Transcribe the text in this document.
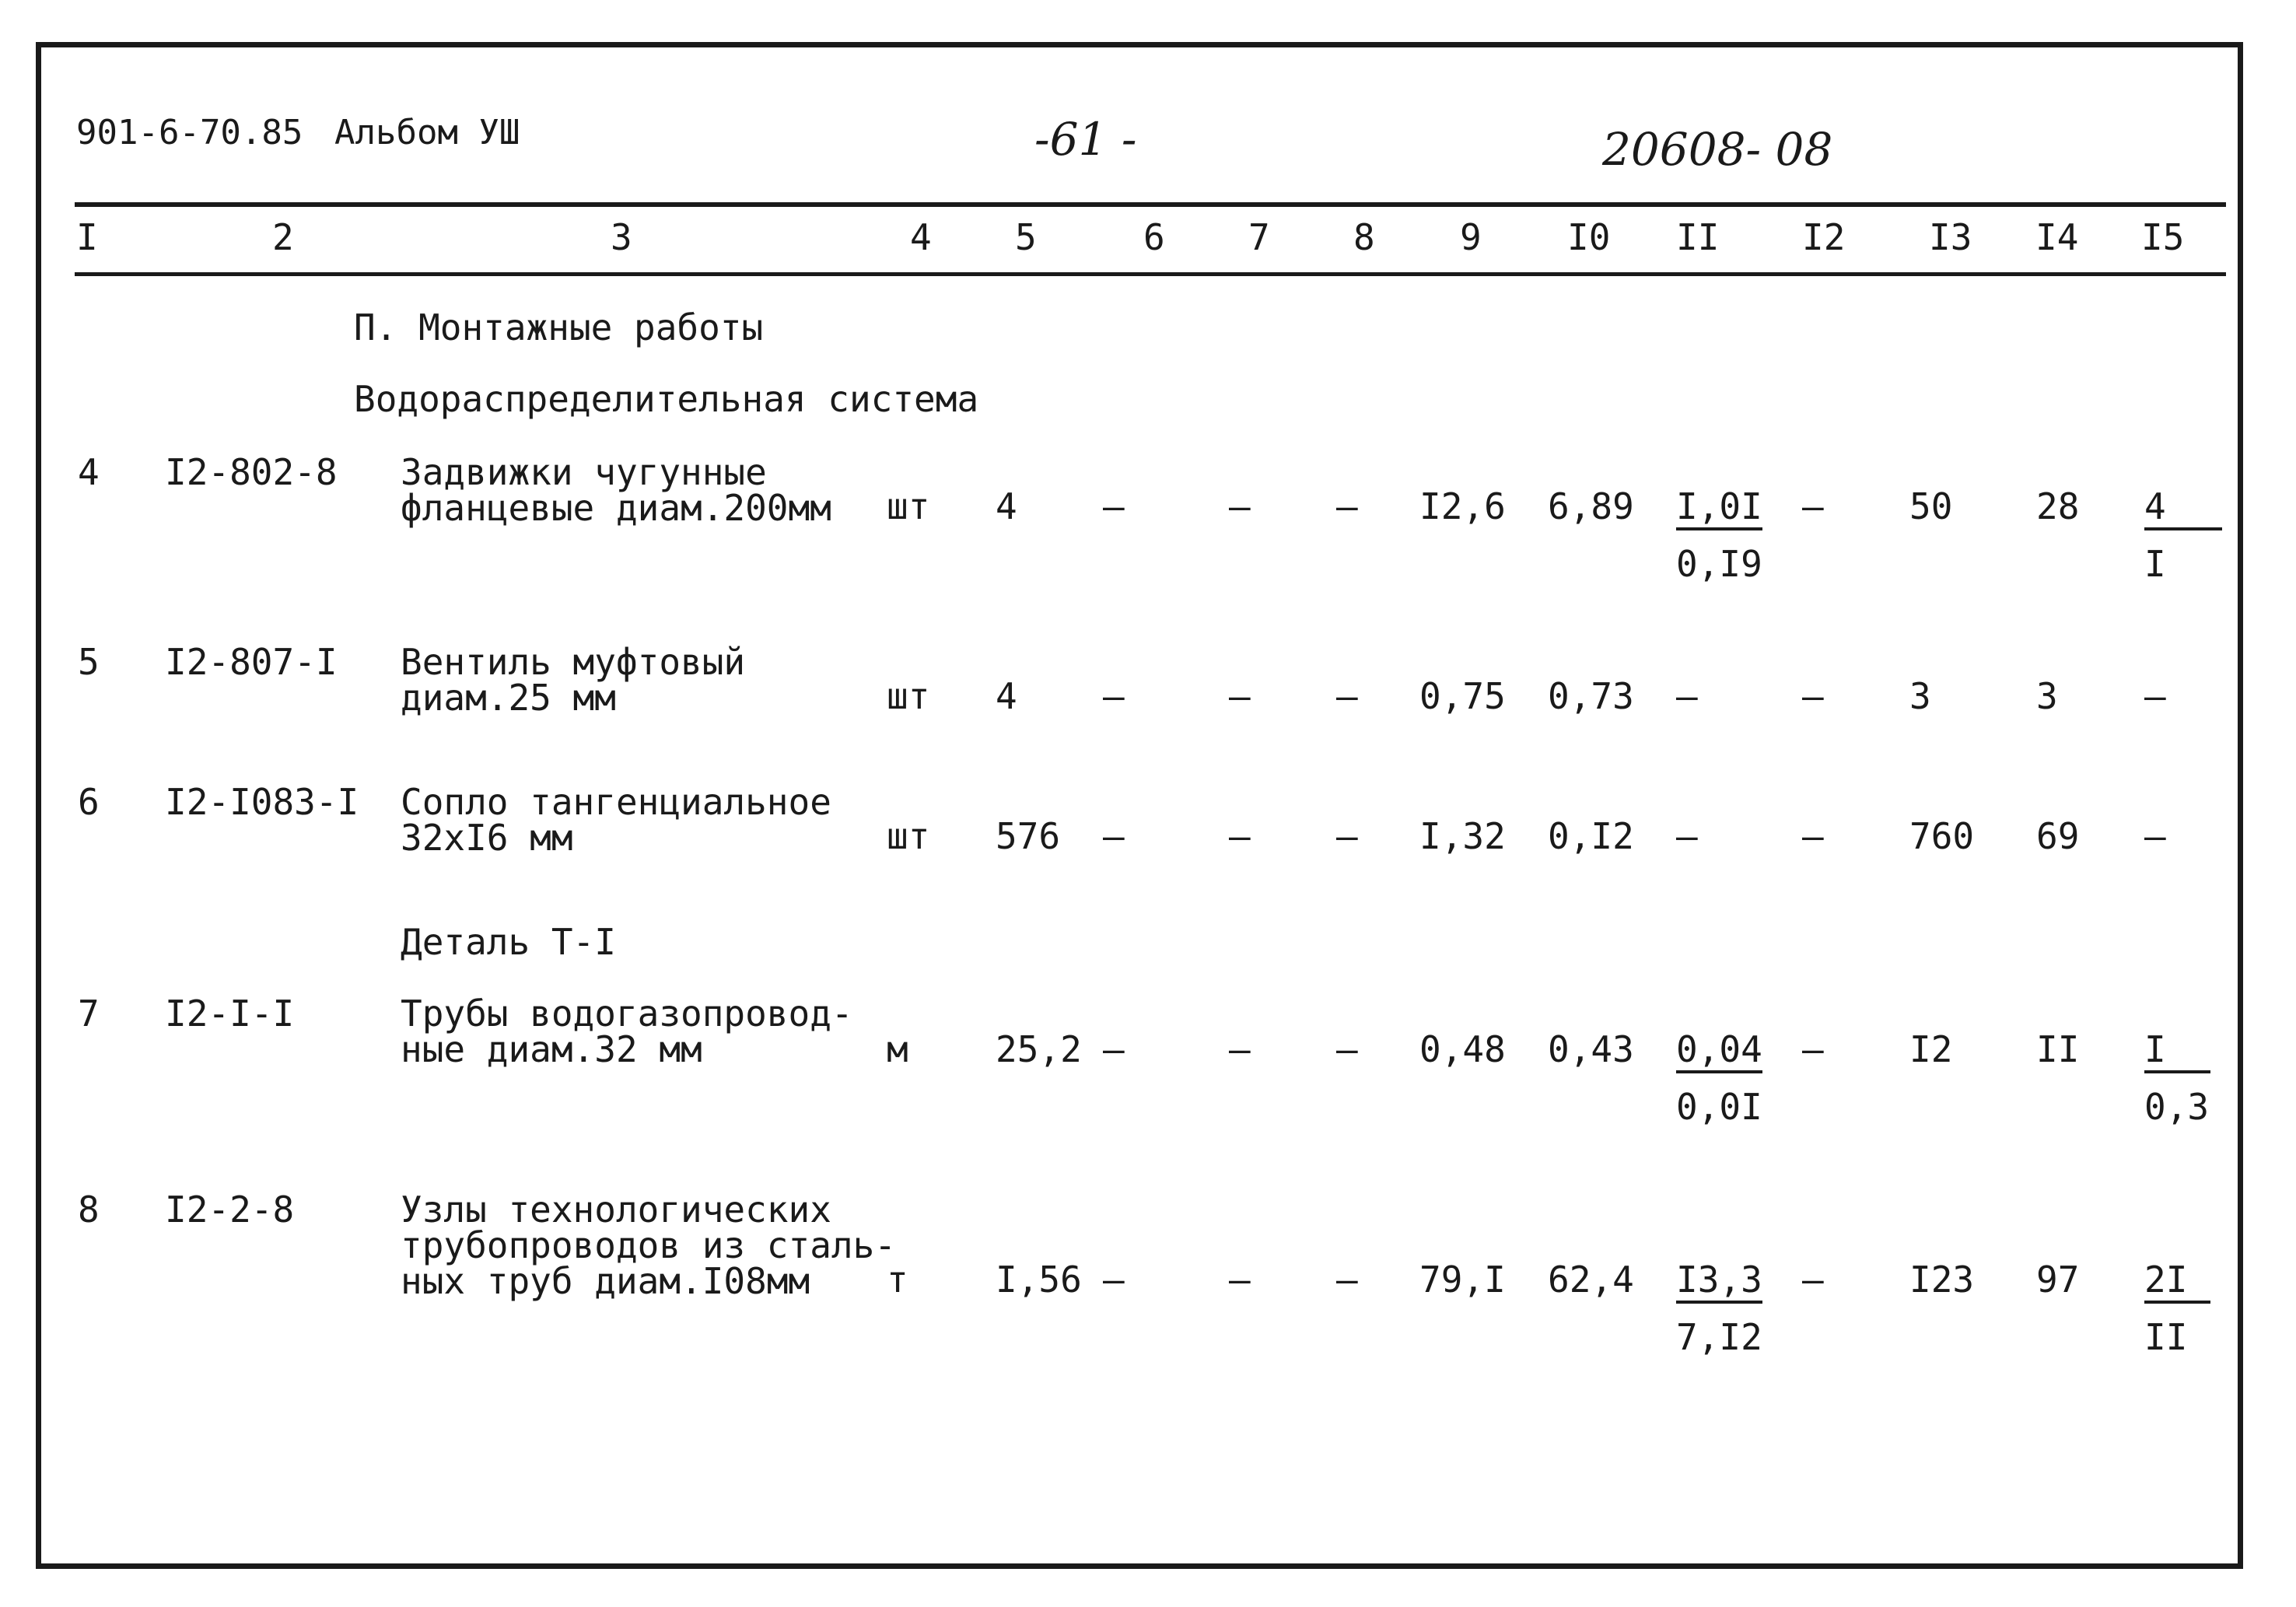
901-6-70.85 Альбом УШ	-61 -	20608- 08
I	2	3	4 5	6 7 8 9 I0 II I2 I3 I4 I5
П. Монтажные работы
Водораспределительная система
4 I2-802-8 Задвижки чугунные
фланцевые диам.200мм шт 4 –	– – I2,6 $6,89 \frac{I,0I}{0,I9} - 50$ $28 \frac{4}{I}$
5 I2-807-I Вентиль муфтовый
диам.25 мм	шт 4 –	– – 0,75 0,73 –	– 3	3 –
6 I2-I083-I Сопло тангенциальное
32хI6 мм	шт 576 –	– – I,32 0,I2 –	– 760 69 –
Деталь Т-I
7 I2-I-I	Трубы водогазопровод-
ные диам.32 мм	м 25,2 –	– – 0,48 $0,43 \frac{0,04}{0,0I} - I2$ II $\frac{I}{0,3}$
8 I2-2-8	Узлы технологических
трубопроводов из сталь-
ных труб диам.I08мм	т I,56 –	– – 79,I $62,4 \frac{I3,3}{7,I2} - I23$ $97 \frac{2I}{II}$
